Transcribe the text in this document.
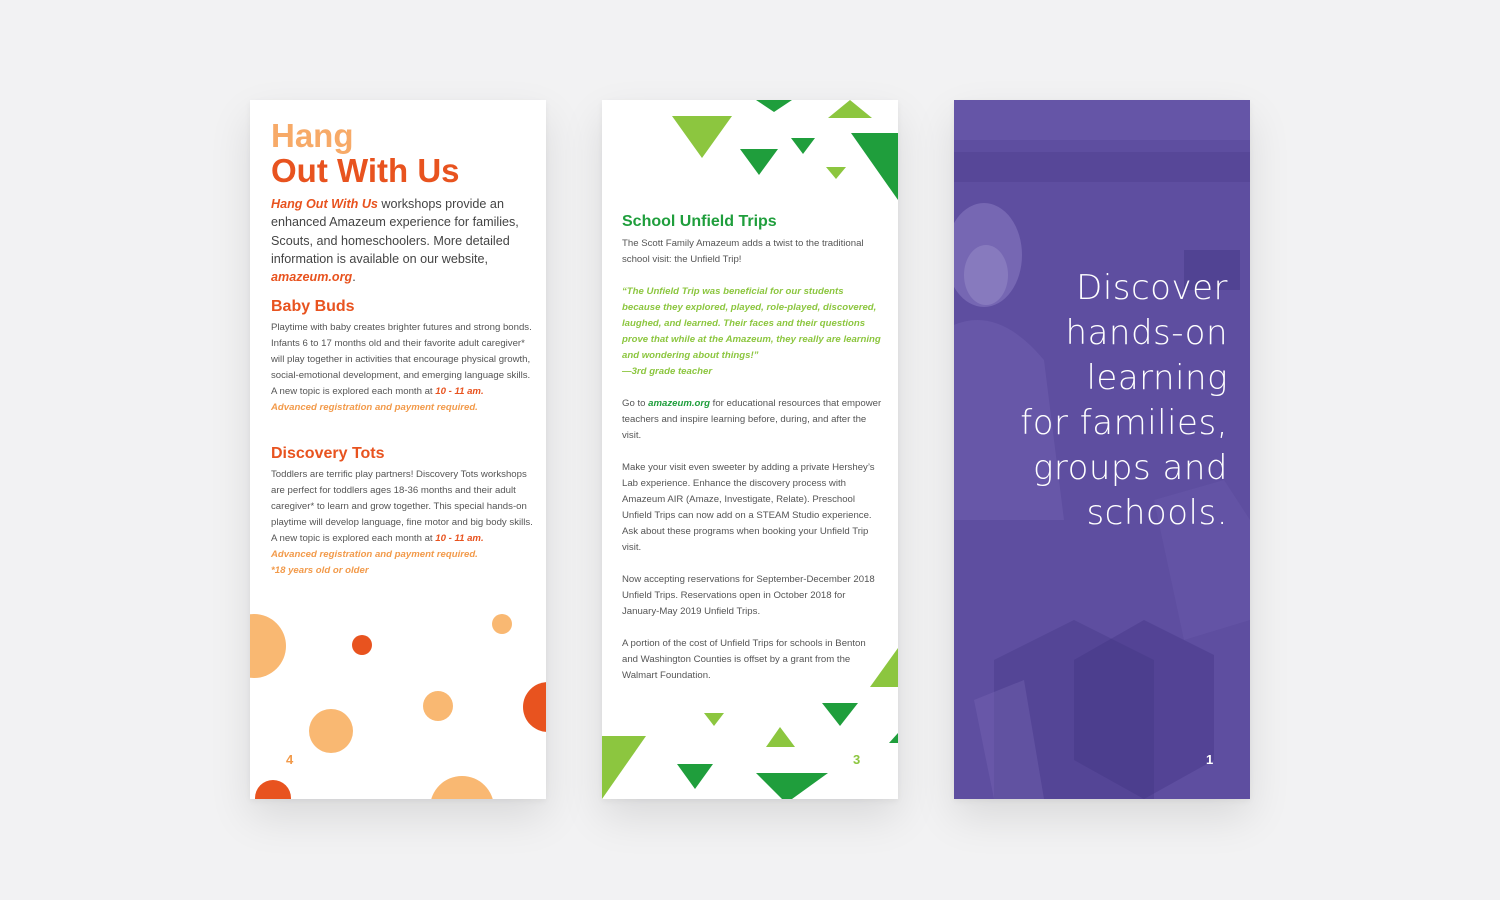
Hang
Out With Us

Hang Out With Us workshops provide an enhanced Amazeum experience for families, Scouts, and homeschoolers. More detailed information is available on our website, amazeum.org.

Baby Buds

Playtime with baby creates brighter futures and strong bonds. Infants 6 to 17 months old and their favorite adult caregiver* will play together in activities that encourage physical growth, social-emotional development, and emerging language skills. A new topic is explored each month at 10 - 11 am.
Advanced registration and payment required.

Discovery Tots

Toddlers are terrific play partners! Discovery Tots workshops are perfect for toddlers ages 18-36 months and their adult caregiver* to learn and grow together. This special hands-on playtime will develop language, fine motor and big body skills. A new topic is explored each month at 10 - 11 am.
Advanced registration and payment required.
*18 years old or older

4
School Unfield Trips

The Scott Family Amazeum adds a twist to the traditional school visit: the Unfield Trip!

“The Unfield Trip was beneficial for our students because they explored, played, role-played, discovered, laughed, and learned. Their faces and their questions prove that while at the Amazeum, they really are learning and wondering about things!”
—3rd grade teacher

Go to amazeum.org for educational resources that empower teachers and inspire learning before, during, and after the visit.

Make your visit even sweeter by adding a private Hershey’s Lab experience. Enhance the discovery process with Amazeum AIR (Amaze, Investigate, Relate). Preschool Unfield Trips can now add on a STEAM Studio experience. Ask about these programs when booking your Unfield Trip visit.

Now accepting reservations for September-December 2018 Unfield Trips. Reservations open in October 2018 for January-May 2019 Unfield Trips.

A portion of the cost of Unfield Trips for schools in Benton and Washington Counties is offset by a grant from the Walmart Foundation.

3

Discover
hands-on
learning
for families,
groups and
schools.

1
